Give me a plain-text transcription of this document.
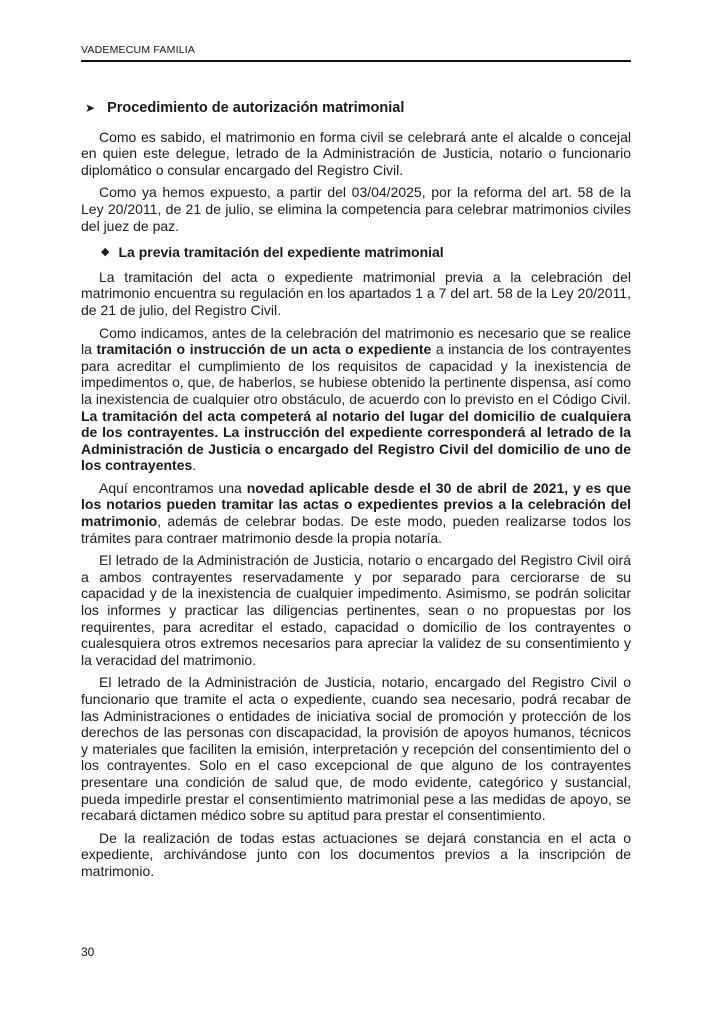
VADEMECUM FAMILIA
➤ Procedimiento de autorización matrimonial

Como es sabido, el matrimonio en forma civil se celebrará ante el alcalde o concejal en quien este delegue, letrado de la Administración de Justicia, notario o funcionario diplomático o consular encargado del Registro Civil.

Como ya hemos expuesto, a partir del 03/04/2025, por la reforma del art. 58 de la Ley 20/2011, de 21 de julio, se elimina la competencia para celebrar matrimonios civiles del juez de paz.

◆ La previa tramitación del expediente matrimonial

La tramitación del acta o expediente matrimonial previa a la celebración del matrimonio encuentra su regulación en los apartados 1 a 7 del art. 58 de la Ley 20/2011, de 21 de julio, del Registro Civil.

Como indicamos, antes de la celebración del matrimonio es necesario que se realice la tramitación o instrucción de un acta o expediente a instancia de los contrayentes para acreditar el cumplimiento de los requisitos de capacidad y la inexistencia de impedimentos o, que, de haberlos, se hubiese obtenido la pertinente dispensa, así como la inexistencia de cualquier otro obstáculo, de acuerdo con lo previsto en el Código Civil. La tramitación del acta competerá al notario del lugar del domicilio de cualquiera de los contrayentes. La instrucción del expediente corresponderá al letrado de la Administración de Justicia o encargado del Registro Civil del domicilio de uno de los contrayentes.

Aquí encontramos una novedad aplicable desde el 30 de abril de 2021, y es que los notarios pueden tramitar las actas o expedientes previos a la celebración del matrimonio, además de celebrar bodas. De este modo, pueden realizarse todos los trámites para contraer matrimonio desde la propia notaría.

El letrado de la Administración de Justicia, notario o encargado del Registro Civil oirá a ambos contrayentes reservadamente y por separado para cerciorarse de su capacidad y de la inexistencia de cualquier impedimento. Asimismo, se podrán solicitar los informes y practicar las diligencias pertinentes, sean o no propuestas por los requirentes, para acreditar el estado, capacidad o domicilio de los contrayentes o cualesquiera otros extremos necesarios para apreciar la validez de su consentimiento y la veracidad del matrimonio.

El letrado de la Administración de Justicia, notario, encargado del Registro Civil o funcionario que tramite el acta o expediente, cuando sea necesario, podrá recabar de las Administraciones o entidades de iniciativa social de promoción y protección de los derechos de las personas con discapacidad, la provisión de apoyos humanos, técnicos y materiales que faciliten la emisión, interpretación y recepción del consentimiento del o los contrayentes. Solo en el caso excepcional de que alguno de los contrayentes presentare una condición de salud que, de modo evidente, categórico y sustancial, pueda impedirle prestar el consentimiento matrimonial pese a las medidas de apoyo, se recabará dictamen médico sobre su aptitud para prestar el consentimiento.

De la realización de todas estas actuaciones se dejará constancia en el acta o expediente, archivándose junto con los documentos previos a la inscripción de matrimonio.

30
